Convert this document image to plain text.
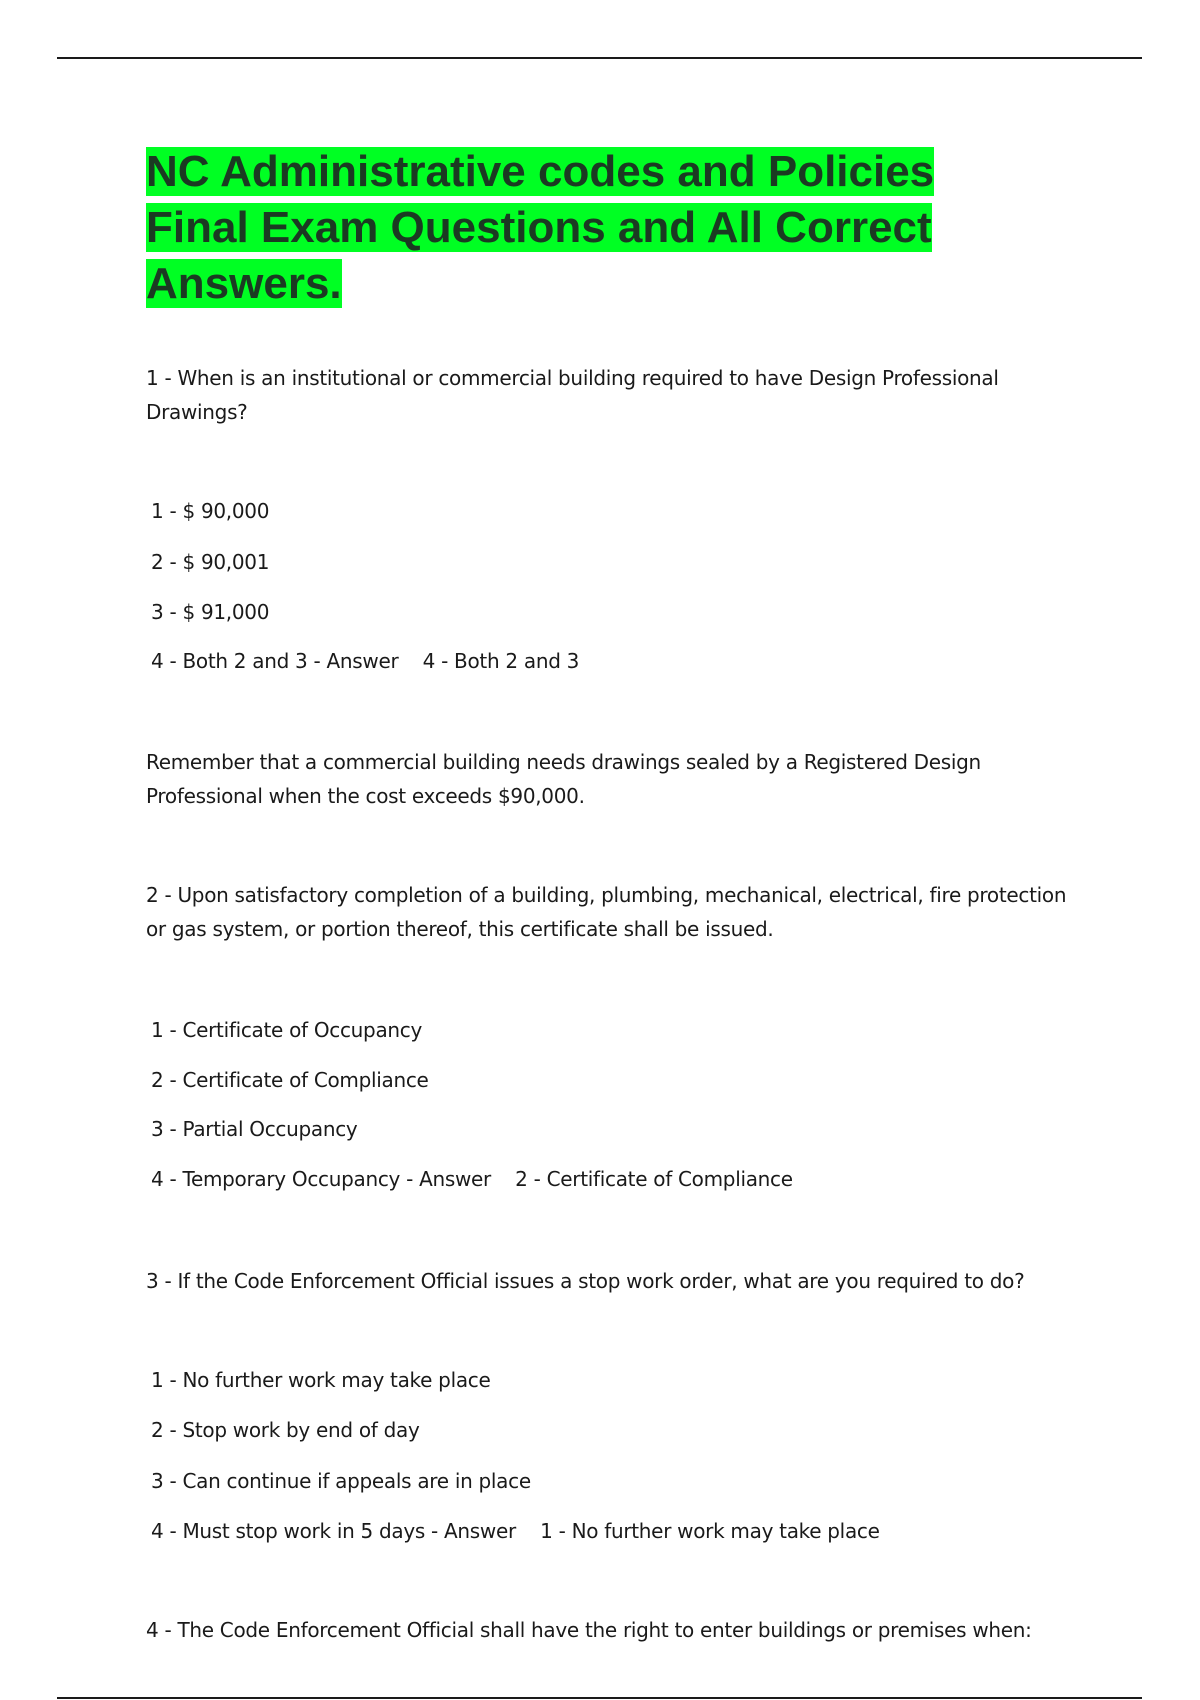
NC Administrative codes and Policies Final Exam Questions and All Correct Answers.

1 - When is an institutional or commercial building required to have Design Professional Drawings?

1 - $ 90,000

2 - $ 90,001

3 - $ 91,000

4 - Both 2 and 3 - Answer    4 - Both 2 and 3

Remember that a commercial building needs drawings sealed by a Registered Design Professional when the cost exceeds $90,000.

2 - Upon satisfactory completion of a building, plumbing, mechanical, electrical, fire protection or gas system, or portion thereof, this certificate shall be issued.

1 - Certificate of Occupancy

2 - Certificate of Compliance

3 - Partial Occupancy

4 - Temporary Occupancy - Answer    2 - Certificate of Compliance

3 - If the Code Enforcement Official issues a stop work order, what are you required to do?

1 - No further work may take place

2 - Stop work by end of day

3 - Can continue if appeals are in place

4 - Must stop work in 5 days - Answer    1 - No further work may take place

4 - The Code Enforcement Official shall have the right to enter buildings or premises when:
